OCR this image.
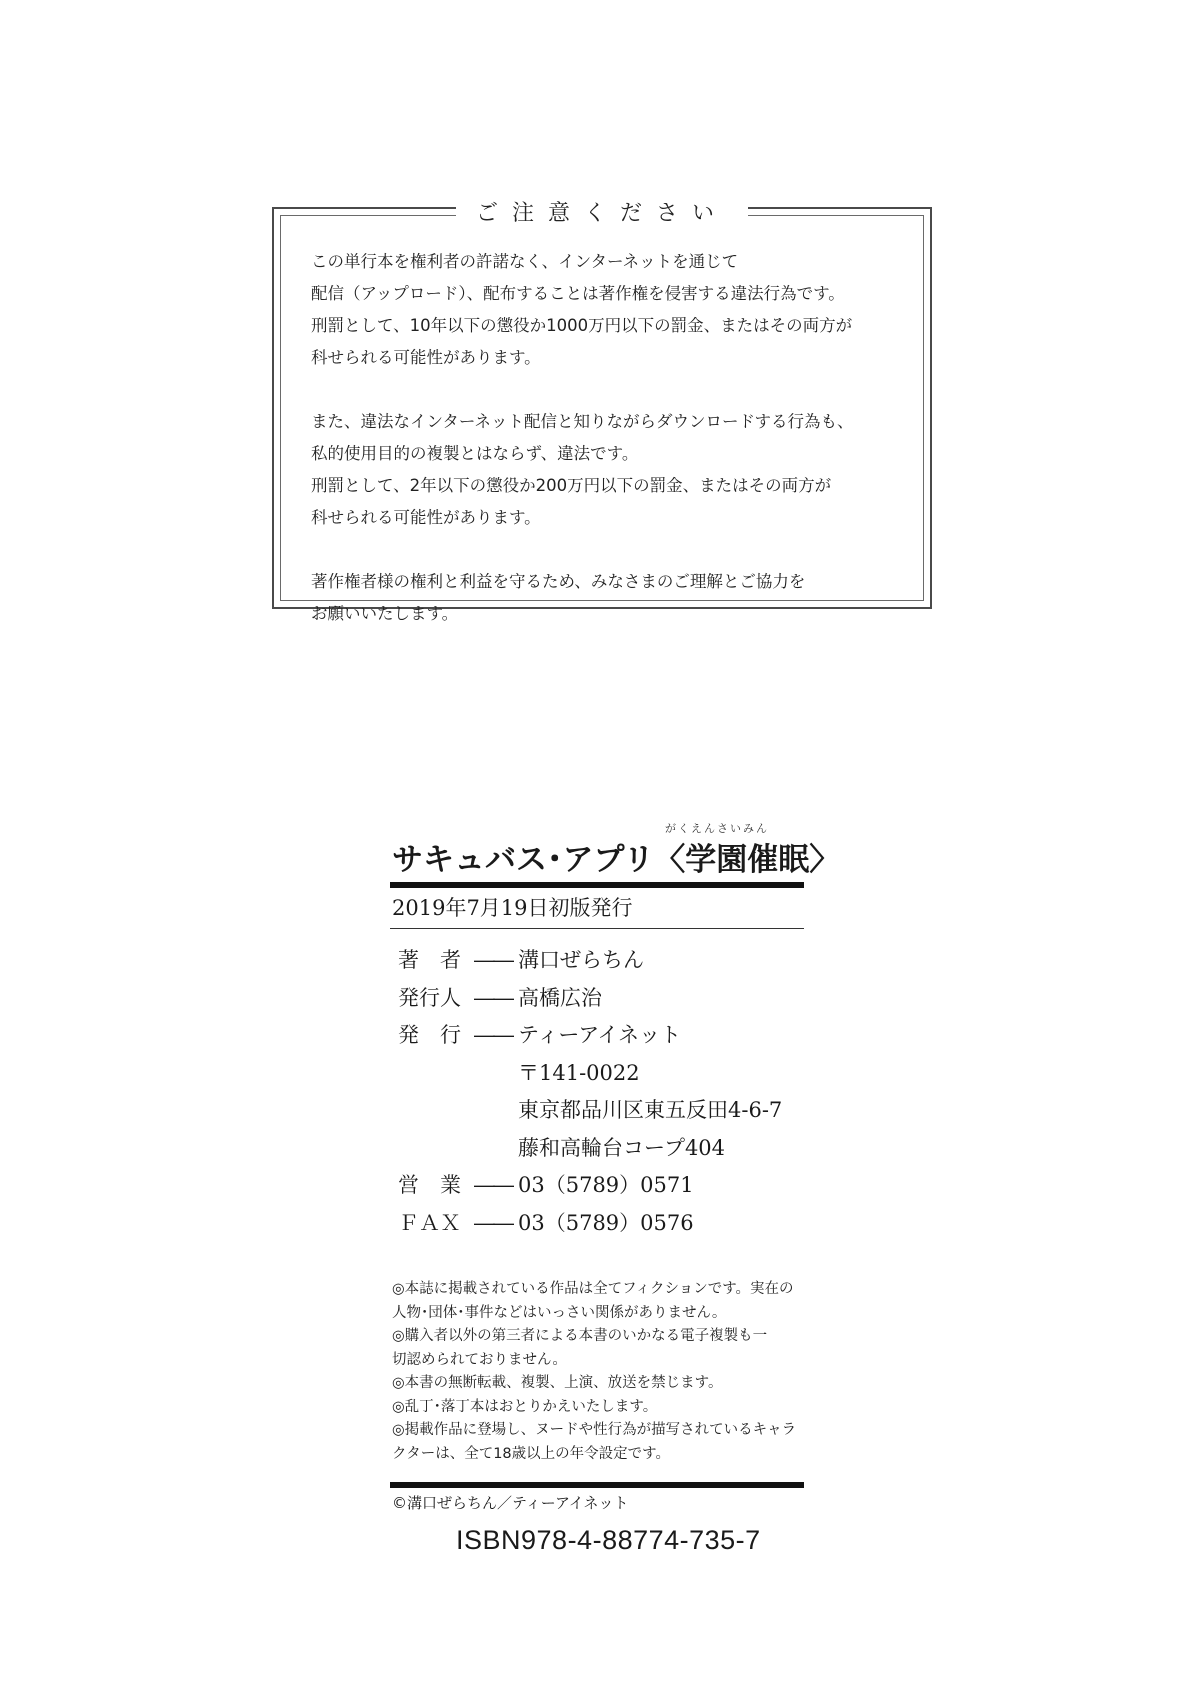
ご注意ください

この単行本を権利者の許諾なく、インターネットを通じて
配信（アップロード）、配布することは著作権を侵害する違法行為です。
刑罰として、10年以下の懲役か1000万円以下の罰金、またはその両方が
科せられる可能性があります。

また、違法なインターネット配信と知りながらダウンロードする行為も、
私的使用目的の複製とはならず、違法です。
刑罰として、2年以下の懲役か200万円以下の罰金、またはその両方が
科せられる可能性があります。

著作権者様の権利と利益を守るため、みなさまのご理解とご協力を
お願いいたします。

がくえんさいみん
サキュバス･アプリ〈学園催眠〉
2019年7月19日初版発行
著　者 ―― 溝口ぜらちん
発行人 ―― 高橋広治
発　行 ―― ティーアイネット
〒141-0022
東京都品川区東五反田4-6-7
藤和高輪台コープ404
営　業 ―― 03（5789）0571
ＦＡＸ ―― 03（5789）0576
◎本誌に掲載されている作品は全てフィクションです。実在の
人物･団体･事件などはいっさい関係がありません。
◎購入者以外の第三者による本書のいかなる電子複製も一
切認められておりません。
◎本書の無断転載、複製、上演、放送を禁じます。
◎乱丁･落丁本はおとりかえいたします。
◎掲載作品に登場し、ヌードや性行為が描写されているキャラ
クターは、全て18歳以上の年令設定です。
©溝口ぜらちん／ティーアイネット
ISBN978-4-88774-735-7
